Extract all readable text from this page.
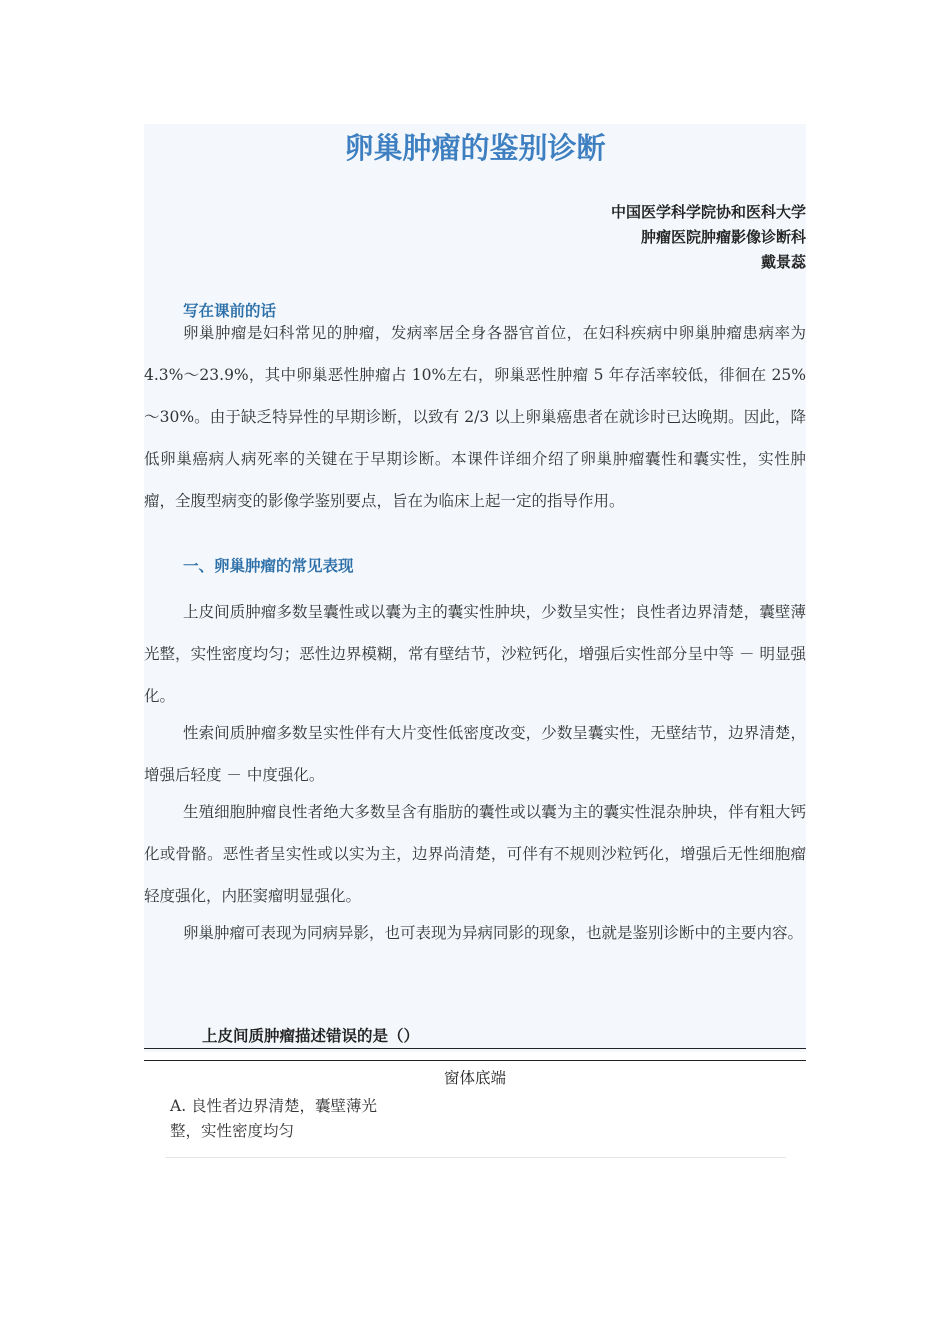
卵巢肿瘤的鉴别诊断
中国医学科学院协和医科大学
肿瘤医院肿瘤影像诊断科
戴景蕊
写在课前的话

卵巢肿瘤是妇科常见的肿瘤，发病率居全身各器官首位，在妇科疾病中卵巢肿瘤患病率为 4.3%～23.9%，其中卵巢恶性肿瘤占 10%左右，卵巢恶性肿瘤 5 年存活率较低，徘徊在 25%～30%。由于缺乏特异性的早期诊断，以致有 2/3 以上卵巢癌患者在就诊时已达晚期。因此，降低卵巢癌病人病死率的关键在于早期诊断。本课件详细介绍了卵巢肿瘤囊性和囊实性，实性肿瘤，全腹型病变的影像学鉴别要点，旨在为临床上起一定的指导作用。

一、卵巢肿瘤的常见表现

上皮间质肿瘤多数呈囊性或以囊为主的囊实性肿块，少数呈实性；良性者边界清楚，囊壁薄光整，实性密度均匀；恶性边界模糊，常有壁结节，沙粒钙化，增强后实性部分呈中等 － 明显强化。

性索间质肿瘤多数呈实性伴有大片变性低密度改变，少数呈囊实性，无壁结节，边界清楚，增强后轻度 － 中度强化。

生殖细胞肿瘤良性者绝大多数呈含有脂肪的囊性或以囊为主的囊实性混杂肿块，伴有粗大钙化或骨骼。恶性者呈实性或以实为主，边界尚清楚，可伴有不规则沙粒钙化，增强后无性细胞瘤轻度强化，内胚窦瘤明显强化。

卵巢肿瘤可表现为同病异影，也可表现为异病同影的现象，也就是鉴别诊断中的主要内容。

上皮间质肿瘤描述错误的是（）
窗体底端
A. 良性者边界清楚，囊壁薄光整，实性密度均匀
